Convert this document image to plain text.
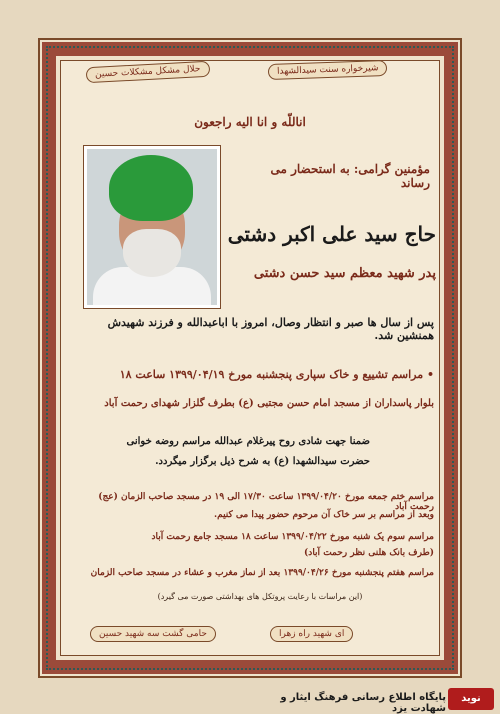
حلال مشکل مشکلات حسین	شیرخواره سنت سیدالشهدا
حامی گشت سه شهید حسین	ای شهید راه زهرا
اناللّه و انا الیه راجعون
مؤمنین گرامی: به استحضار می رساند
حاج سید علی اکبر دشتی
پدر شهید معظم سید حسن دشتی
پس از سال ها صبر و انتظار وصال، امروز با اباعبدالله و فرزند شهیدش همنشین شد.
• مراسم تشییع و خاک سپاری پنجشنبه مورخ ۱۳۹۹/۰۴/۱۹ ساعت ۱۸
بلوار پاسداران از مسجد امام حسن مجتبی (ع) بطرف گلزار شهدای رحمت آباد
ضمنا جهت شادی روح پیرغلام عبدالله مراسم روضه خوانی
حضرت سیدالشهدا (ع) به شرح ذیل برگزار میگردد.
مراسم ختم جمعه مورخ ۱۳۹۹/۰۴/۲۰ ساعت ۱۷/۳۰ الی ۱۹ در مسجد صاحب الزمان (عج) رحمت آباد
وبعد از مراسم بر سر خاک آن مرحوم حضور پیدا می کنیم.
مراسم سوم یک شنبه مورخ ۱۳۹۹/۰۴/۲۲ ساعت ۱۸ مسجد جامع رحمت آباد
(طرف بانک هلنی نظر رحمت آباد)
مراسم هفتم پنجشنبه مورخ ۱۳۹۹/۰۴/۲۶ بعد از نماز مغرب و عشاء در مسجد صاحب الزمان
(این مراسات با رعایت پروتکل های بهداشتی صورت می گیرد)
پایگاه اطلاع رسانی فرهنگ ایثار و شهادت یزد
نوید
